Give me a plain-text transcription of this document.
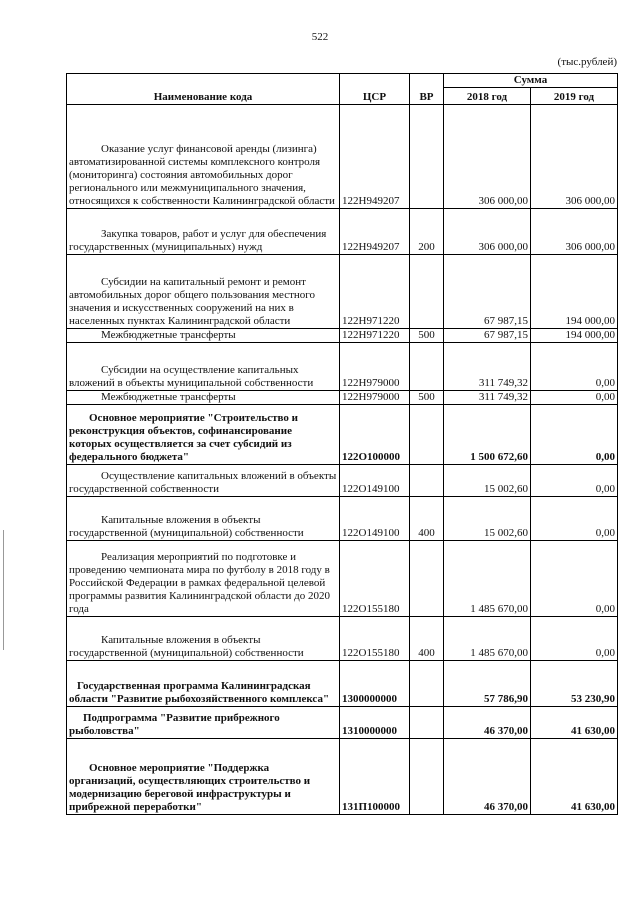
522
(тыс.рублей)
Наименование кода	ЦСР	ВР	Сумма	
			2018 год	2019 год
Оказание услуг финансовой аренды (лизинга) автоматизированной системы комплексного контроля (мониторинга) состояния автомобильных дорог регионального или межмуниципального значения, относящихся к собственности Калининградской области	122Н949207		306 000,00	306 000,00
Закупка товаров, работ и услуг для обеспечения государственных (муниципальных) нужд	122Н949207	200	306 000,00	306 000,00
Субсидии на капитальный ремонт и ремонт автомобильных дорог общего пользования местного значения и искусственных сооружений на них в населенных пунктах Калининградской области	122Н971220		67 987,15	194 000,00
Межбюджетные трансферты	122Н971220	500	67 987,15	194 000,00
Субсидии на осуществление капитальных вложений в объекты муниципальной собственности	122Н979000		311 749,32	0,00
Межбюджетные трансферты	122Н979000	500	311 749,32	0,00
Основное мероприятие "Строительство и реконструкция объектов, софинансирование которых осуществляется за счет субсидий из федерального бюджета"	122О100000		1 500 672,60	0,00
Осуществление капитальных вложений в объекты государственной собственности	122О149100		15 002,60	0,00
Капитальные вложения в объекты государственной (муниципальной) собственности	122О149100	400	15 002,60	0,00
Реализация мероприятий по подготовке и проведению чемпионата мира по футболу в 2018 году в Российской Федерации в рамках федеральной целевой программы развития Калининградской области до 2020 года	122О155180		1 485 670,00	0,00
Капитальные вложения в объекты государственной (муниципальной) собственности	122О155180	400	1 485 670,00	0,00
Государственная программа Калининградская области "Развитие рыбохозяйственного комплекса"	1300000000		57 786,90	53 230,90
Подпрограмма "Развитие прибрежного рыболовства"	1310000000		46 370,00	41 630,00
Основное мероприятие "Поддержка организаций, осуществляющих строительство и модернизацию береговой инфраструктуры и прибрежной переработки"	131П100000		46 370,00	41 630,00
